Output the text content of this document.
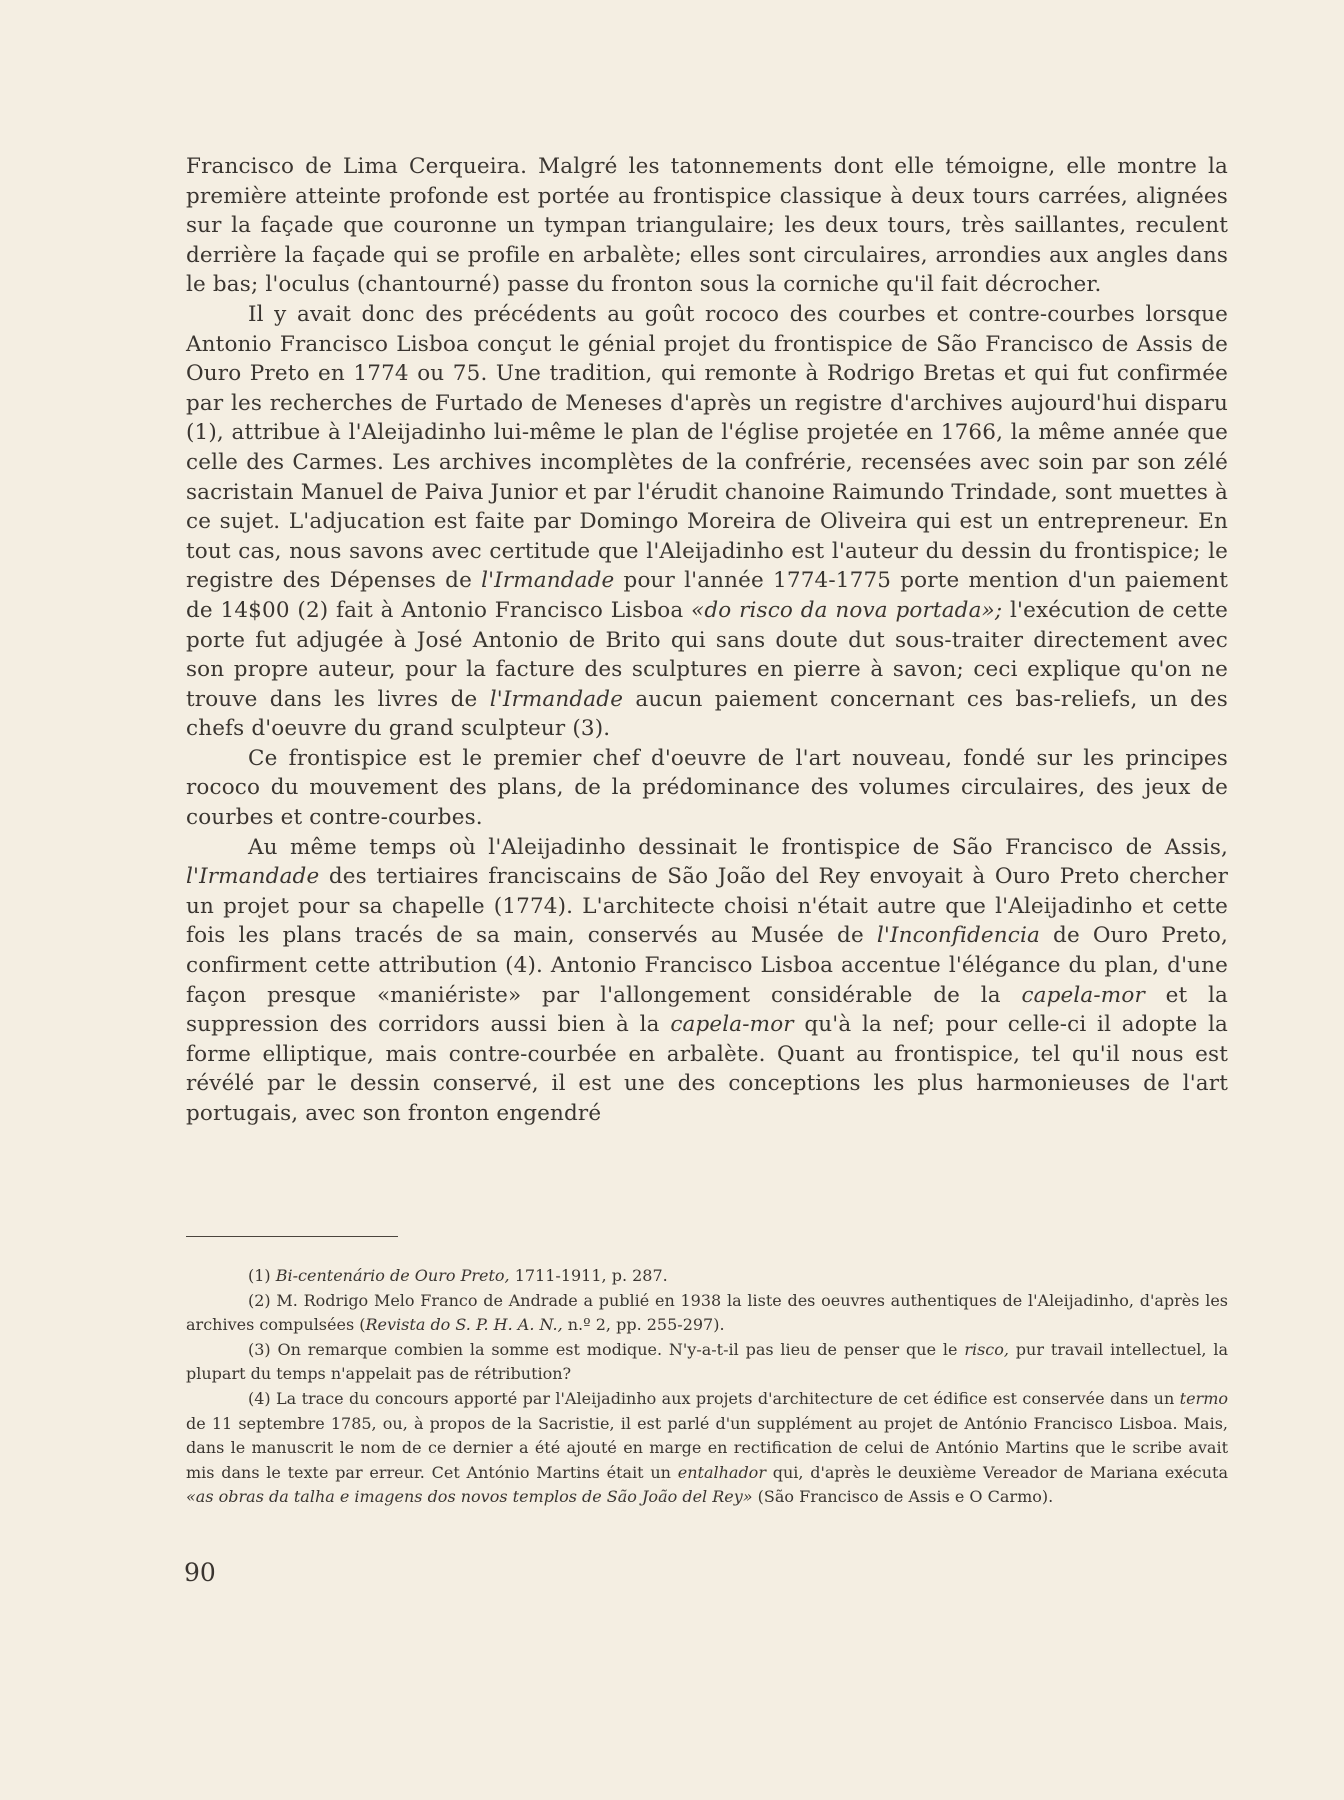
Francisco de Lima Cerqueira. Malgré les tatonnements dont elle témoigne, elle montre la première atteinte profonde est portée au frontispice classique à deux tours carrées, alignées sur la façade que couronne un tympan triangulaire; les deux tours, très saillantes, reculent derrière la façade qui se profile en arbalète; elles sont circulaires, arrondies aux angles dans le bas; l'oculus (chantourné) passe du fronton sous la corniche qu'il fait décrocher.

Il y avait donc des précédents au goût rococo des courbes et contre-courbes lorsque Antonio Francisco Lisboa conçut le génial projet du frontispice de São Francisco de Assis de Ouro Preto en 1774 ou 75. Une tradition, qui remonte à Rodrigo Bretas et qui fut confirmée par les recherches de Furtado de Meneses d'après un registre d'archives aujourd'hui disparu (1), attribue à l'Aleijadinho lui-même le plan de l'église projetée en 1766, la même année que celle des Carmes. Les archives incomplètes de la confrérie, recensées avec soin par son zélé sacristain Manuel de Paiva Junior et par l'érudit chanoine Raimundo Trindade, sont muettes à ce sujet. L'adjucation est faite par Domingo Moreira de Oliveira qui est un entrepreneur. En tout cas, nous savons avec certitude que l'Aleijadinho est l'auteur du dessin du frontispice; le registre des Dépenses de l'Irmandade pour l'année 1774-1775 porte mention d'un paiement de 14$00 (2) fait à Antonio Francisco Lisboa «do risco da nova portada»; l'exécution de cette porte fut adjugée à José Antonio de Brito qui sans doute dut sous-traiter directement avec son propre auteur, pour la facture des sculptures en pierre à savon; ceci explique qu'on ne trouve dans les livres de l'Irmandade aucun paiement concernant ces bas-reliefs, un des chefs d'oeuvre du grand sculpteur (3).

Ce frontispice est le premier chef d'oeuvre de l'art nouveau, fondé sur les principes rococo du mouvement des plans, de la prédominance des volumes circulaires, des jeux de courbes et contre-courbes.

Au même temps où l'Aleijadinho dessinait le frontispice de São Francisco de Assis, l'Irmandade des tertiaires franciscains de São João del Rey envoyait à Ouro Preto chercher un projet pour sa chapelle (1774). L'architecte choisi n'était autre que l'Aleijadinho et cette fois les plans tracés de sa main, conservés au Musée de l'Inconfidencia de Ouro Preto, confirment cette attribution (4). Antonio Francisco Lisboa accentue l'élégance du plan, d'une façon presque «maniériste» par l'allongement considérable de la capela-mor et la suppression des corridors aussi bien à la capela-mor qu'à la nef; pour celle-ci il adopte la forme elliptique, mais contre-courbée en arbalète. Quant au frontispice, tel qu'il nous est révélé par le dessin conservé, il est une des conceptions les plus harmonieuses de l'art portugais, avec son fronton engendré

(1) Bi-centenário de Ouro Preto, 1711-1911, p. 287.

(2) M. Rodrigo Melo Franco de Andrade a publié en 1938 la liste des oeuvres authentiques de l'Aleijadinho, d'après les archives compulsées (Revista do S. P. H. A. N., n.º 2, pp. 255-297).

(3) On remarque combien la somme est modique. N'y-a-t-il pas lieu de penser que le risco, pur travail intellectuel, la plupart du temps n'appelait pas de rétribution?

(4) La trace du concours apporté par l'Aleijadinho aux projets d'architecture de cet édifice est conservée dans un termo de 11 septembre 1785, ou, à propos de la Sacristie, il est parlé d'un supplément au projet de António Francisco Lisboa. Mais, dans le manuscrit le nom de ce dernier a été ajouté en marge en rectification de celui de António Martins que le scribe avait mis dans le texte par erreur. Cet António Martins était un entalhador qui, d'après le deuxième Vereador de Mariana exécuta «as obras da talha e imagens dos novos templos de São João del Rey» (São Francisco de Assis e O Carmo).

90
